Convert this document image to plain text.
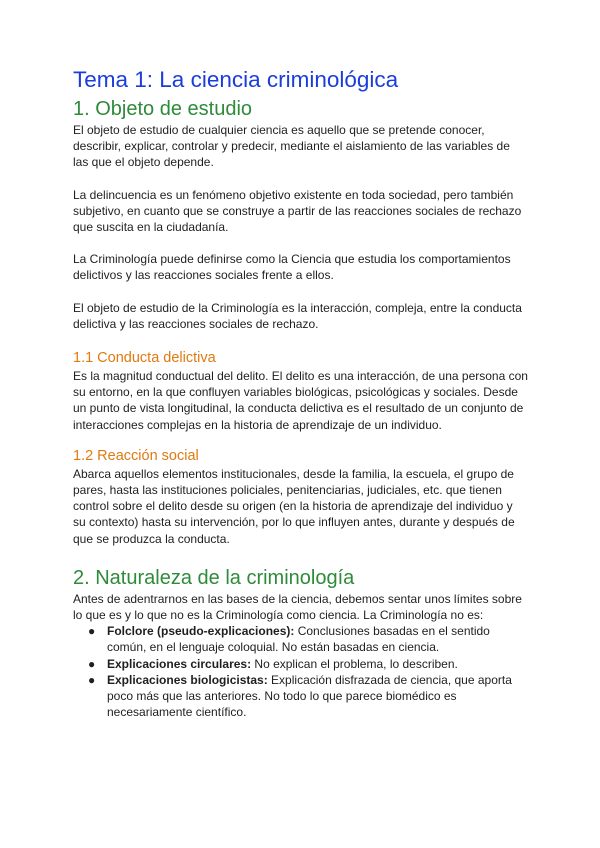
Tema 1: La ciencia criminológica
1. Objeto de estudio

El objeto de estudio de cualquier ciencia es aquello que se pretende conocer, describir, explicar, controlar y predecir, mediante el aislamiento de las variables de las que el objeto depende.

La delincuencia es un fenómeno objetivo existente en toda sociedad, pero también subjetivo, en cuanto que se construye a partir de las reacciones sociales de rechazo que suscita en la ciudadanía.

La Criminología puede definirse como la Ciencia que estudia los comportamientos delictivos y las reacciones sociales frente a ellos.

El objeto de estudio de la Criminología es la interacción, compleja, entre la conducta delictiva y las reacciones sociales de rechazo.

1.1 Conducta delictiva

Es la magnitud conductual del delito. El delito es una interacción, de una persona con su entorno, en la que confluyen variables biológicas, psicológicas y sociales. Desde un punto de vista longitudinal, la conducta delictiva es el resultado de un conjunto de interacciones complejas en la historia de aprendizaje de un individuo.

1.2 Reacción social

Abarca aquellos elementos institucionales, desde la familia, la escuela, el grupo de pares, hasta las instituciones policiales, penitenciarias, judiciales, etc. que tienen control sobre el delito desde su origen (en la historia de aprendizaje del individuo y su contexto) hasta su intervención, por lo que influyen antes, durante y después de que se produzca la conducta.

2. Naturaleza de la criminología

Antes de adentrarnos en las bases de la ciencia, debemos sentar unos límites sobre lo que es y lo que no es la Criminología como ciencia. La Criminología no es:

● Folclore (pseudo-explicaciones): Conclusiones basadas en el sentido común, en el lenguaje coloquial. No están basadas en ciencia.
● Explicaciones circulares: No explican el problema, lo describen.
● Explicaciones biologicistas: Explicación disfrazada de ciencia, que aporta poco más que las anteriores. No todo lo que parece biomédico es necesariamente científico.
